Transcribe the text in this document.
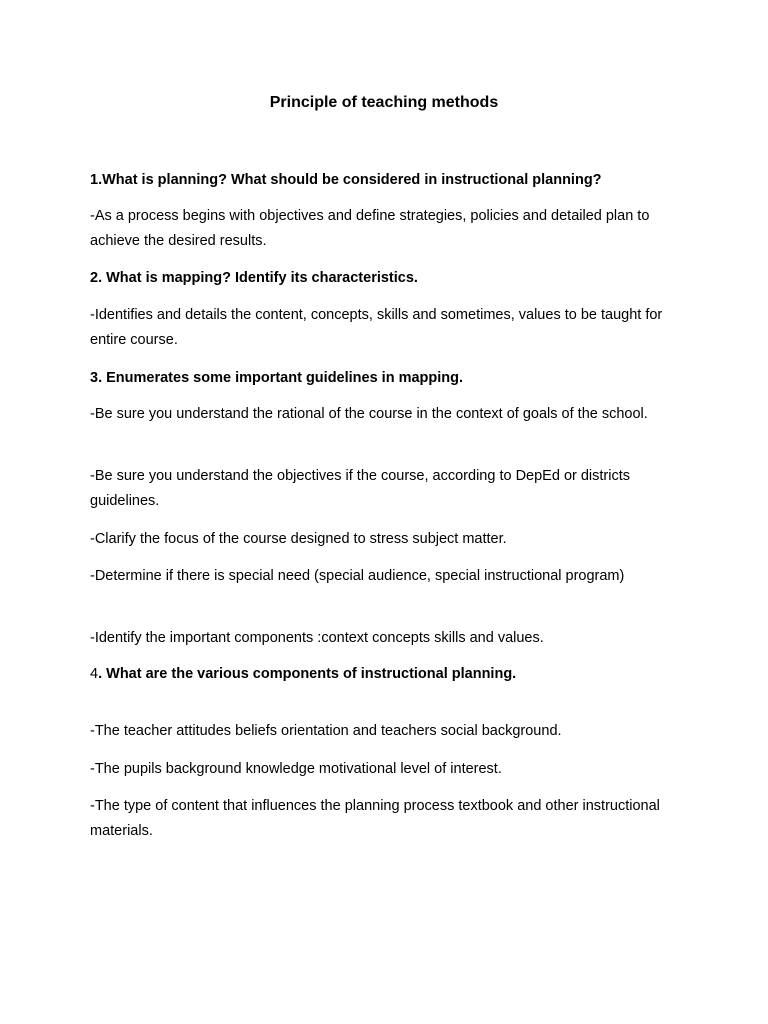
Principle of teaching methods

1.What is planning? What should be considered in instructional planning?

-As a process begins with objectives and define strategies, policies and detailed plan to achieve the desired results.

2. What is mapping? Identify its characteristics.

-Identifies and details the content, concepts, skills and sometimes, values to be taught for entire course.

3. Enumerates some important guidelines in mapping.

-Be sure you understand the rational of the course in the context of goals of the school.

-Be sure you understand the objectives if the course, according to DepEd or districts guidelines.

-Clarify the focus of the course designed to stress subject matter.

-Determine if there is special need (special audience, special instructional program)

-Identify the important components :context concepts skills and values.

4. What are the various components of instructional planning.

-The teacher attitudes beliefs orientation and teachers social background.

-The pupils background knowledge motivational level of interest.

-The type of content that influences the planning process textbook and other instructional materials.
